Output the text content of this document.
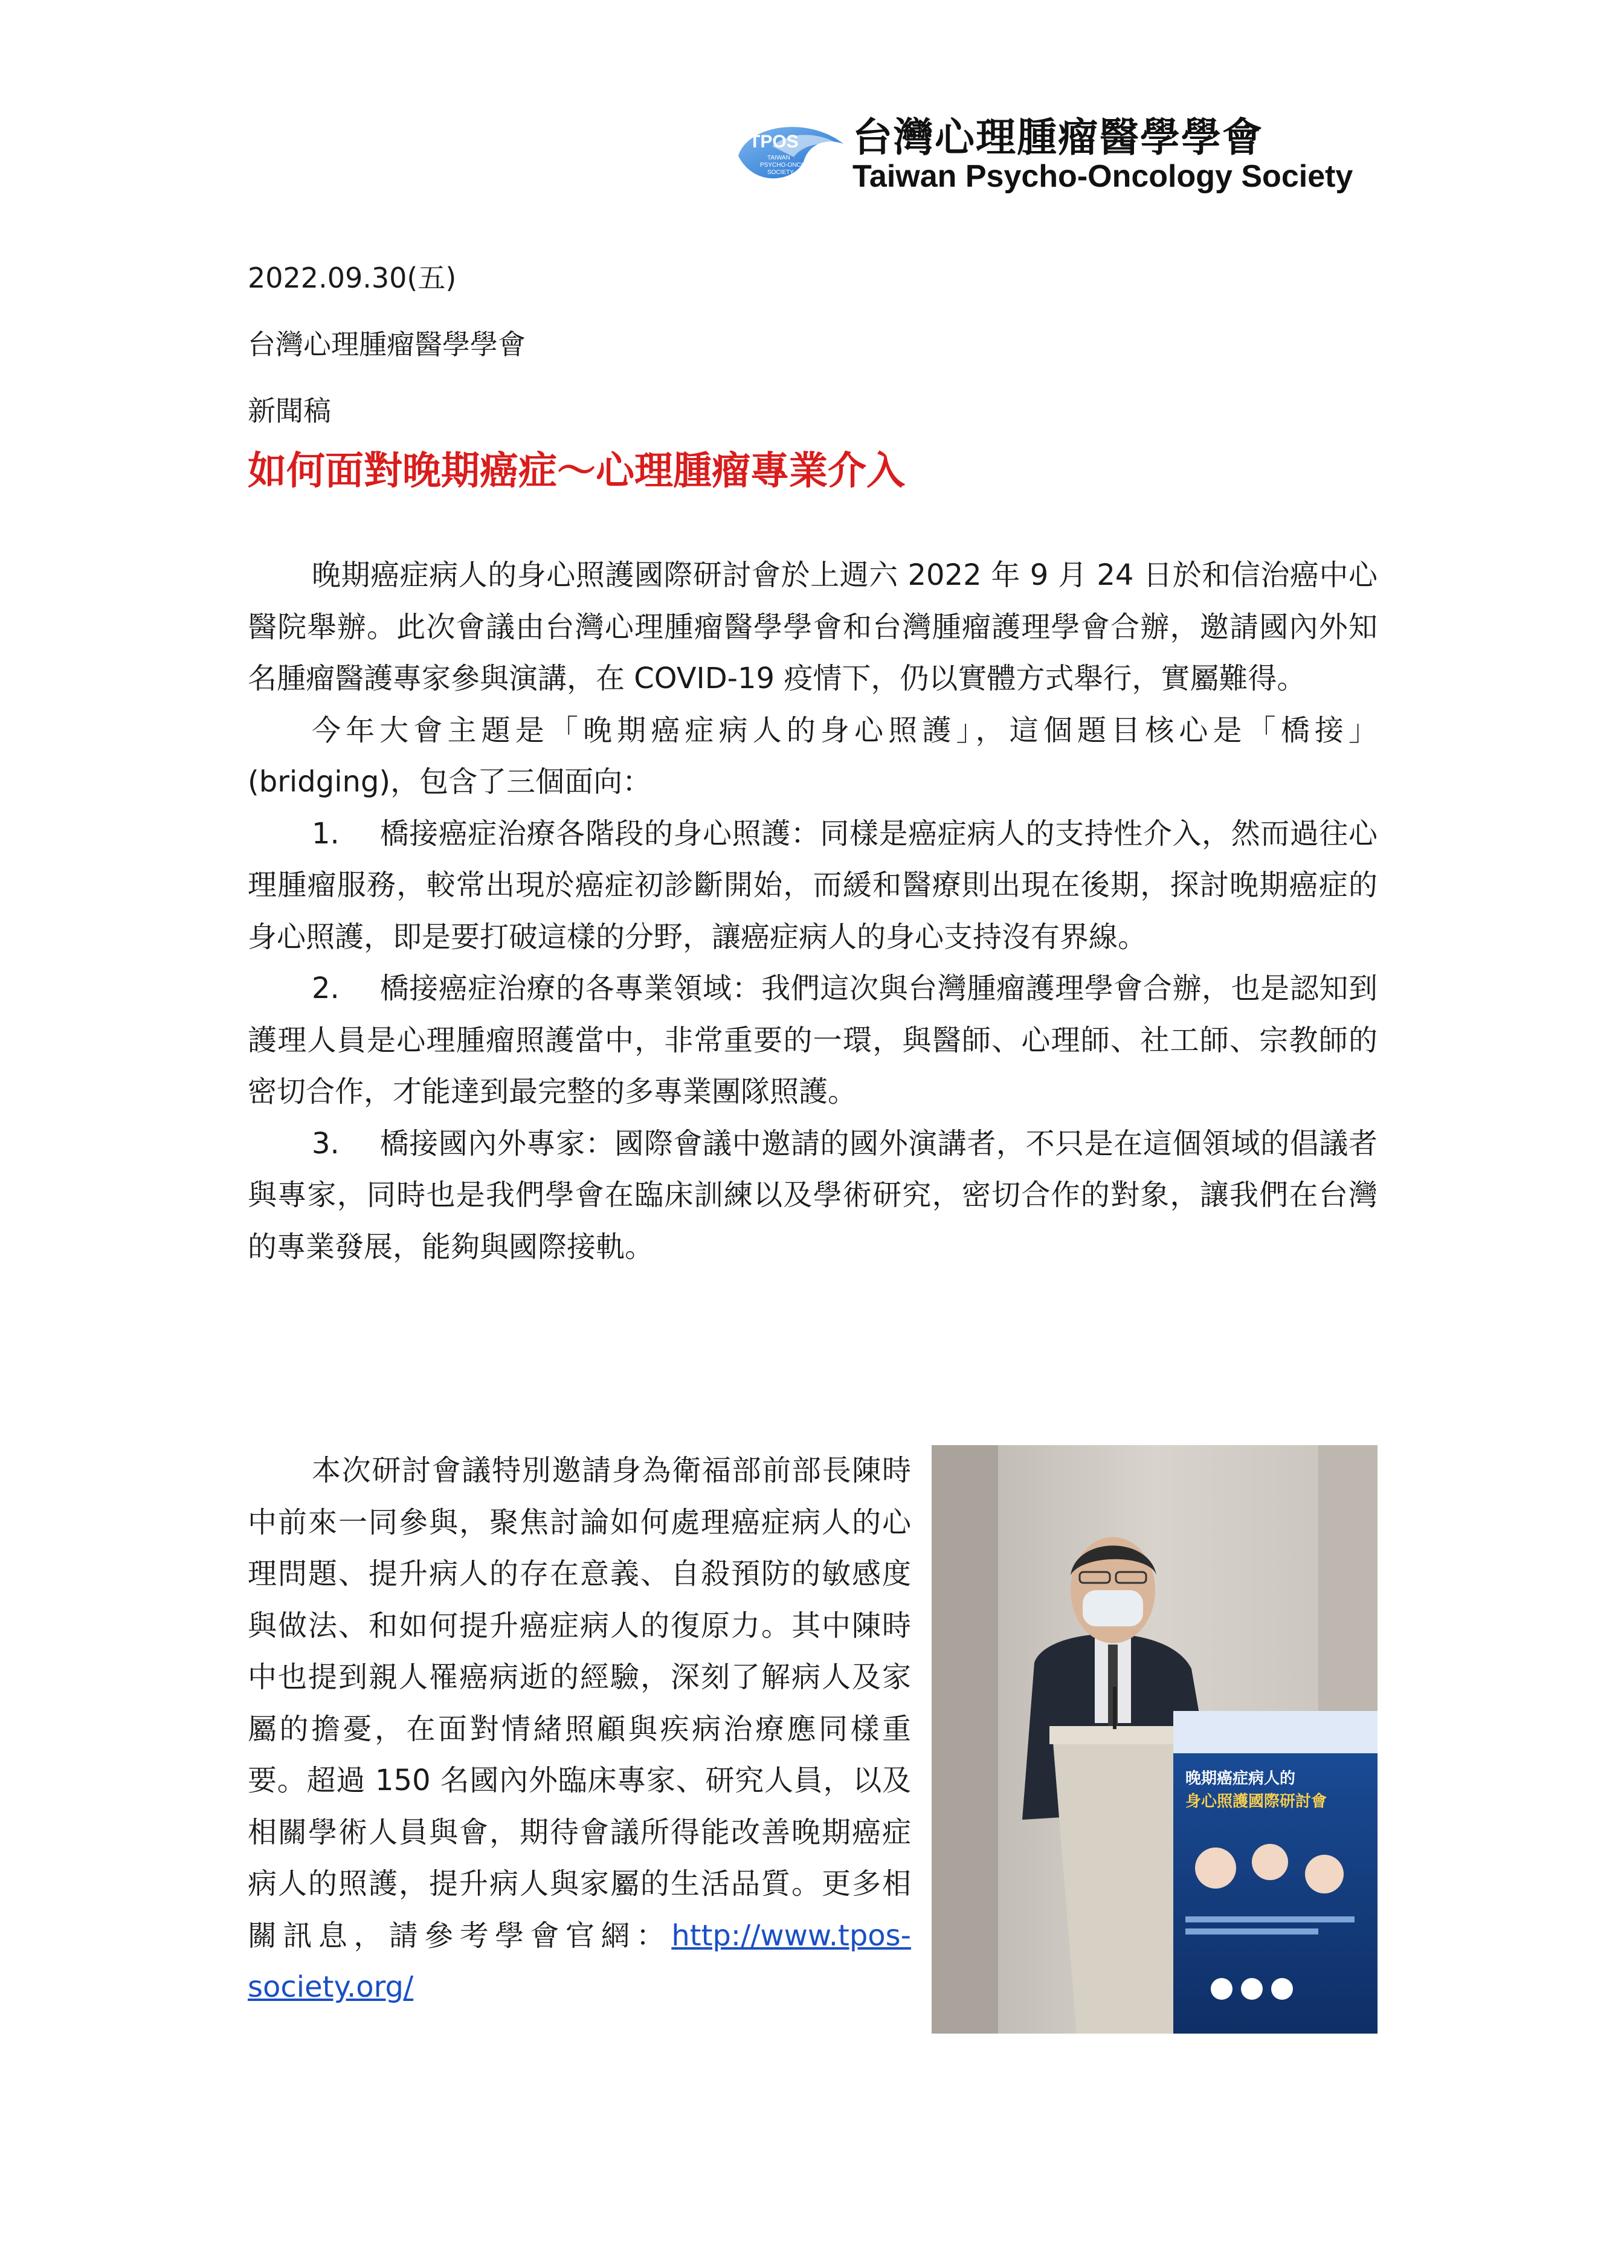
TPOS
TAIWAN
PSYCHO-ONCOLOGY
SOCIETY
台灣心理腫瘤醫學學會
Taiwan Psycho-Oncology Society
2022.09.30(五)
台灣心理腫瘤醫學學會
新聞稿
如何面對晚期癌症～心理腫瘤專業介入

晚期癌症病人的身心照護國際研討會於上週六 2022 年 9 月 24 日於和信治癌中心醫院舉辦。此次會議由台灣心理腫瘤醫學學會和台灣腫瘤護理學會合辦，邀請國內外知名腫瘤醫護專家參與演講，在 COVID-19 疫情下，仍以實體方式舉行，實屬難得。

今年大會主題是「晚期癌症病人的身心照護」，這個題目核心是「橋接」(bridging)，包含了三個面向：

1. 橋接癌症治療各階段的身心照護：同樣是癌症病人的支持性介入，然而過往心理腫瘤服務，較常出現於癌症初診斷開始，而緩和醫療則出現在後期，探討晚期癌症的身心照護，即是要打破這樣的分野，讓癌症病人的身心支持沒有界線。

2. 橋接癌症治療的各專業領域：我們這次與台灣腫瘤護理學會合辦，也是認知到護理人員是心理腫瘤照護當中，非常重要的一環，與醫師、心理師、社工師、宗教師的密切合作，才能達到最完整的多專業團隊照護。

3. 橋接國內外專家：國際會議中邀請的國外演講者，不只是在這個領域的倡議者與專家，同時也是我們學會在臨床訓練以及學術研究，密切合作的對象，讓我們在台灣的專業發展，能夠與國際接軌。

本次研討會議特別邀請身為衛福部前部長陳時中前來一同參與，聚焦討論如何處理癌症病人的心理問題、提升病人的存在意義、自殺預防的敏感度與做法、和如何提升癌症病人的復原力。其中陳時中也提到親人罹癌病逝的經驗，深刻了解病人及家屬的擔憂，在面對情緒照顧與疾病治療應同樣重要。超過 150 名國內外臨床專家、研究人員，以及相關學術人員與會，期待會議所得能改善晚期癌症病人的照護，提升病人與家屬的生活品質。更多相關訊息，請參考學會官網：http://www.tpos-society.org/

晚期癌症病人的
身心照護國際研討會
